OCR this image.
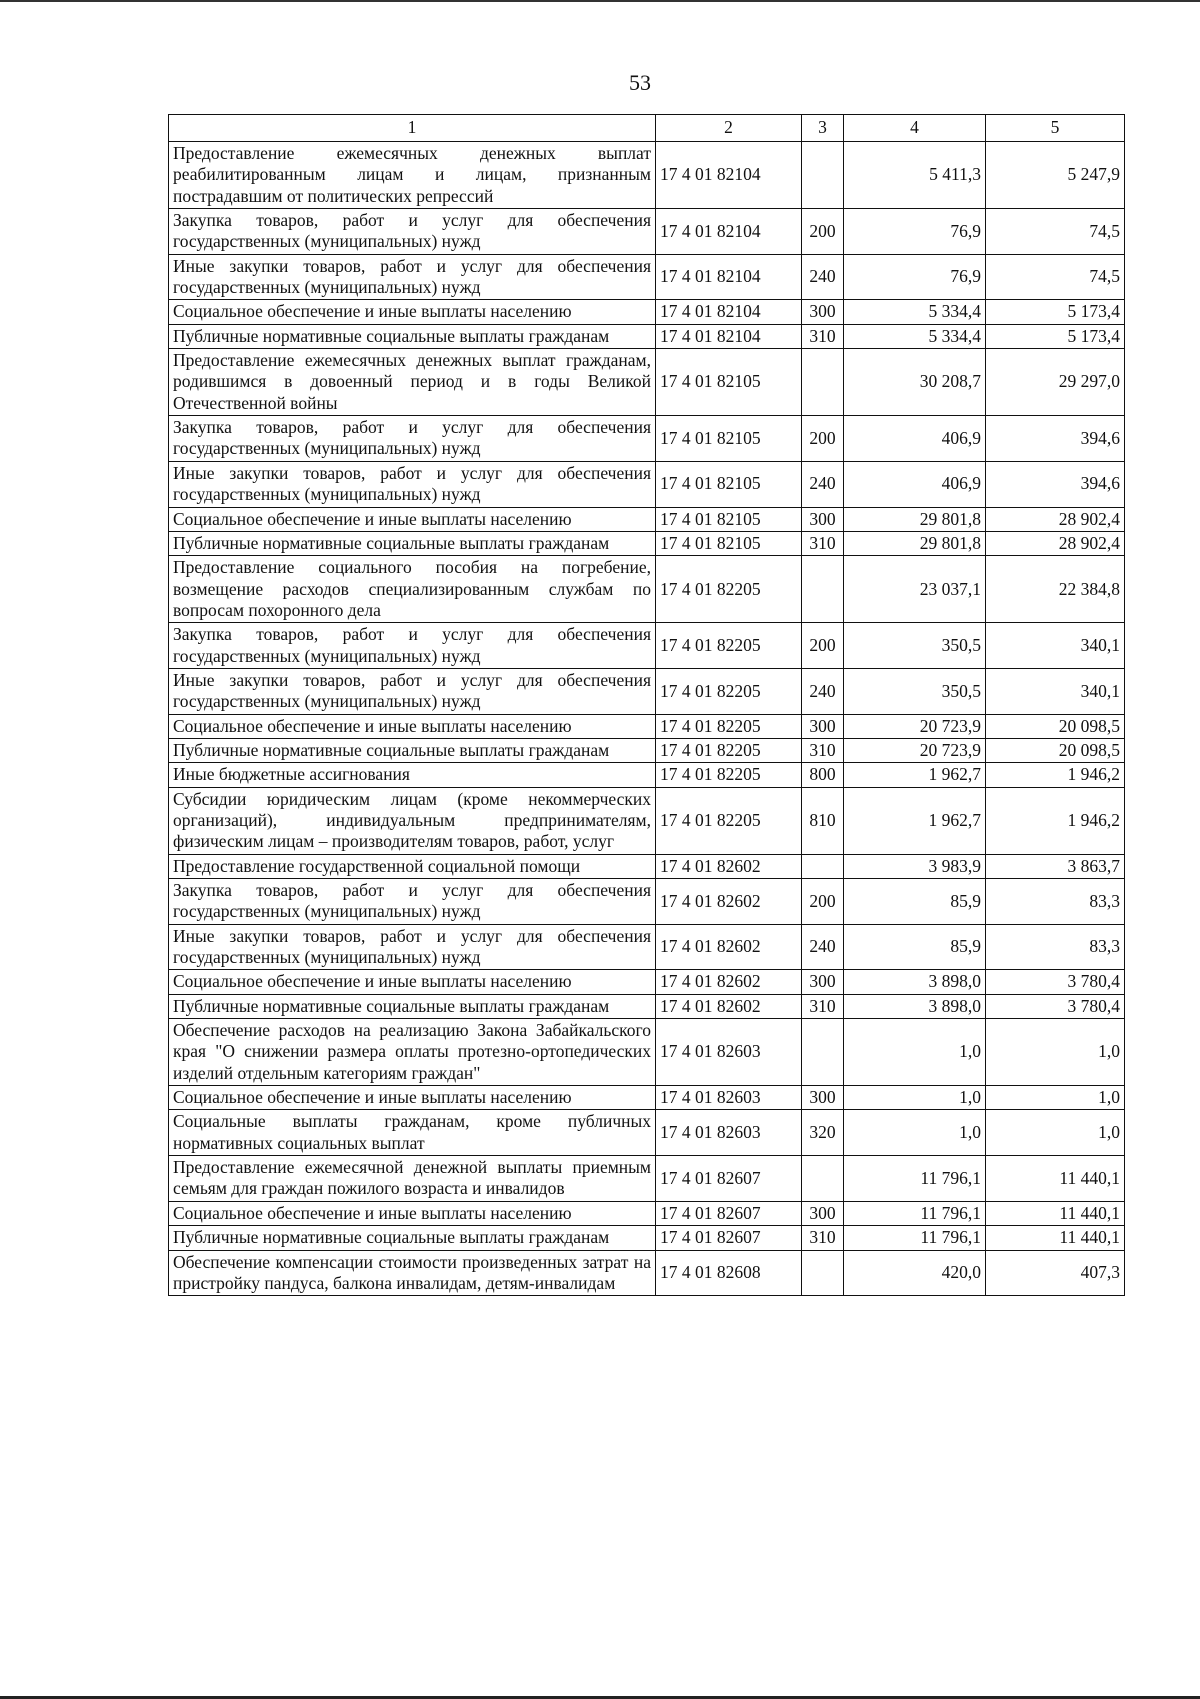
53
1	2	3	4	5
Предоставление ежемесячных денежных выплат реабилитированным лицам и лицам, признанным пострадавшим от политических репрессий	17 4 01 82104		5 411,3	5 247,9
Закупка товаров, работ и услуг для обеспечения государственных (муниципальных) нужд	17 4 01 82104	200	76,9	74,5
Иные закупки товаров, работ и услуг для обеспечения государственных (муниципальных) нужд	17 4 01 82104	240	76,9	74,5
Социальное обеспечение и иные выплаты населению	17 4 01 82104	300	5 334,4	5 173,4
Публичные нормативные социальные выплаты гражданам	17 4 01 82104	310	5 334,4	5 173,4
Предоставление ежемесячных денежных выплат гражданам, родившимся в довоенный период и в годы Великой Отечественной войны	17 4 01 82105		30 208,7	29 297,0
Закупка товаров, работ и услуг для обеспечения государственных (муниципальных) нужд	17 4 01 82105	200	406,9	394,6
Иные закупки товаров, работ и услуг для обеспечения государственных (муниципальных) нужд	17 4 01 82105	240	406,9	394,6
Социальное обеспечение и иные выплаты населению	17 4 01 82105	300	29 801,8	28 902,4
Публичные нормативные социальные выплаты гражданам	17 4 01 82105	310	29 801,8	28 902,4
Предоставление социального пособия на погребение, возмещение расходов специализированным службам по вопросам похоронного дела	17 4 01 82205		23 037,1	22 384,8
Закупка товаров, работ и услуг для обеспечения государственных (муниципальных) нужд	17 4 01 82205	200	350,5	340,1
Иные закупки товаров, работ и услуг для обеспечения государственных (муниципальных) нужд	17 4 01 82205	240	350,5	340,1
Социальное обеспечение и иные выплаты населению	17 4 01 82205	300	20 723,9	20 098,5
Публичные нормативные социальные выплаты гражданам	17 4 01 82205	310	20 723,9	20 098,5
Иные бюджетные ассигнования	17 4 01 82205	800	1 962,7	1 946,2
Субсидии юридическим лицам (кроме некоммерческих организаций), индивидуальным предпринимателям, физическим лицам – производителям товаров, работ, услуг	17 4 01 82205	810	1 962,7	1 946,2
Предоставление государственной социальной помощи	17 4 01 82602		3 983,9	3 863,7
Закупка товаров, работ и услуг для обеспечения государственных (муниципальных) нужд	17 4 01 82602	200	85,9	83,3
Иные закупки товаров, работ и услуг для обеспечения государственных (муниципальных) нужд	17 4 01 82602	240	85,9	83,3
Социальное обеспечение и иные выплаты населению	17 4 01 82602	300	3 898,0	3 780,4
Публичные нормативные социальные выплаты гражданам	17 4 01 82602	310	3 898,0	3 780,4
Обеспечение расходов на реализацию Закона Забайкальского края "О снижении размера оплаты протезно-ортопедических изделий отдельным категориям граждан"	17 4 01 82603		1,0	1,0
Социальное обеспечение и иные выплаты населению	17 4 01 82603	300	1,0	1,0
Социальные выплаты гражданам, кроме публичных нормативных социальных выплат	17 4 01 82603	320	1,0	1,0
Предоставление ежемесячной денежной выплаты приемным семьям для граждан пожилого возраста и инвалидов	17 4 01 82607		11 796,1	11 440,1
Социальное обеспечение и иные выплаты населению	17 4 01 82607	300	11 796,1	11 440,1
Публичные нормативные социальные выплаты гражданам	17 4 01 82607	310	11 796,1	11 440,1
Обеспечение компенсации стоимости произведенных затрат на пристройку пандуса, балкона инвалидам, детям-инвалидам	17 4 01 82608		420,0	407,3
